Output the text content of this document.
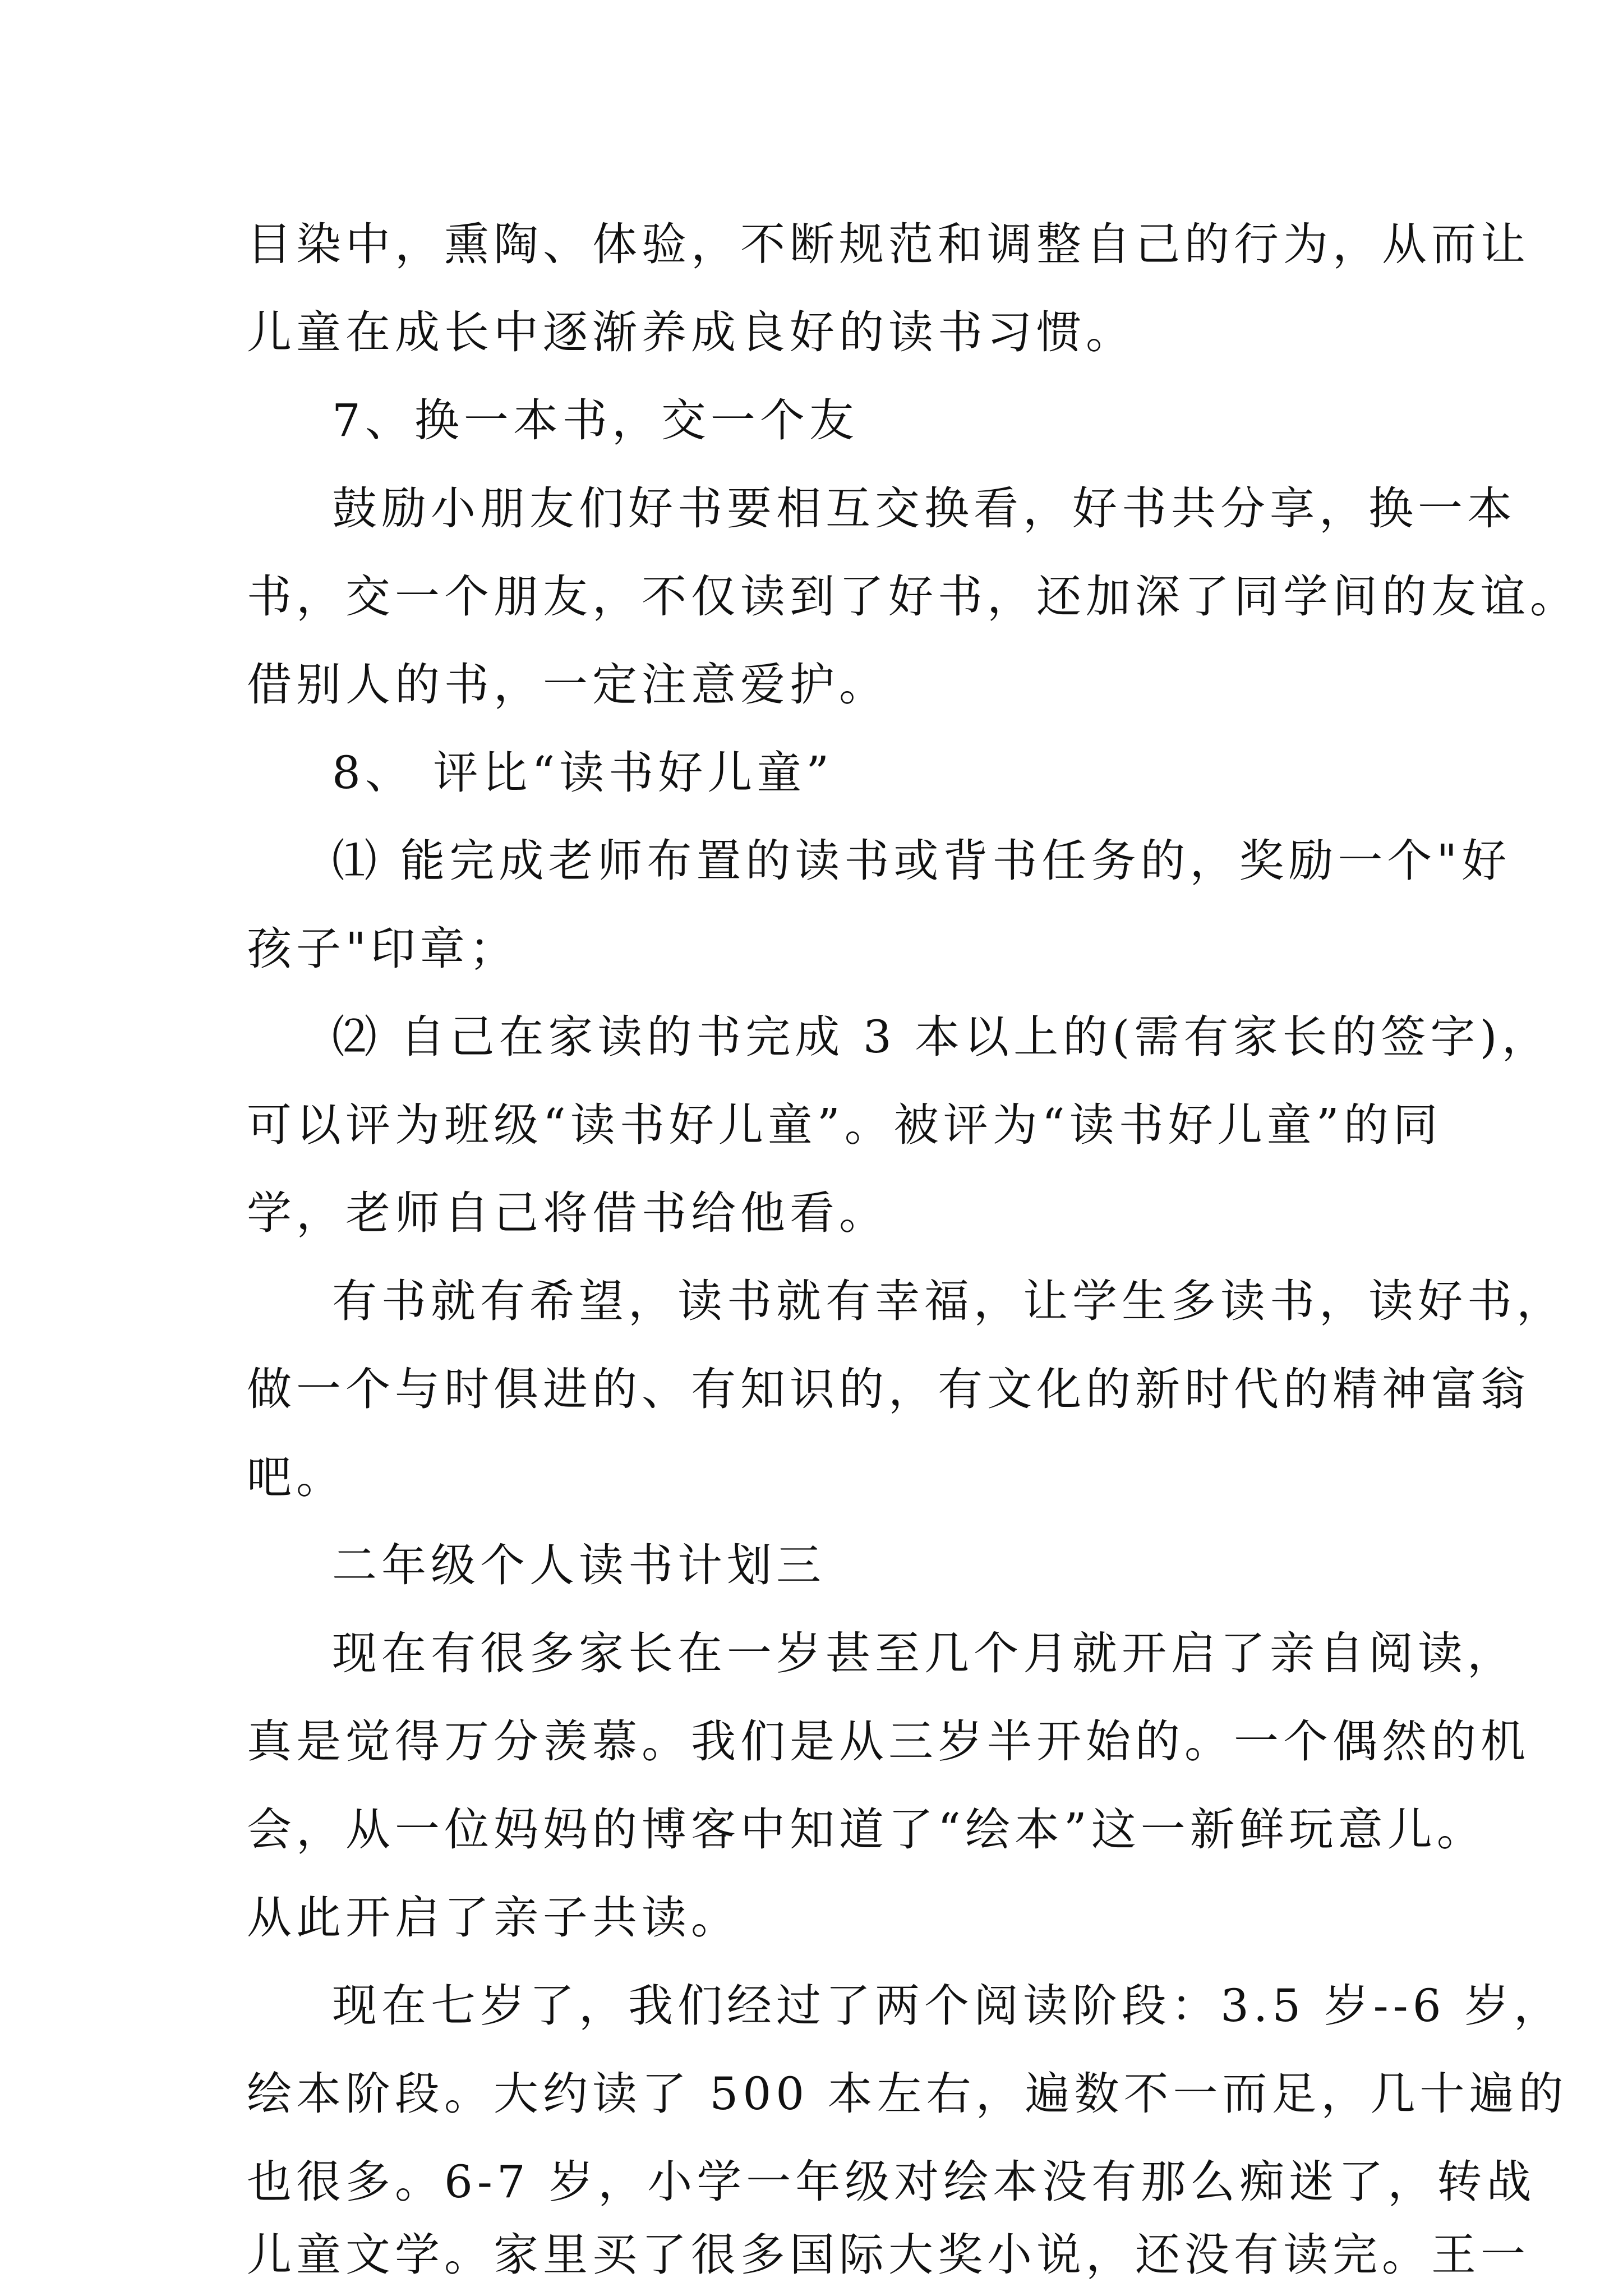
目染中，熏陶、体验，不断规范和调整自己的行为，从而让
儿童在成长中逐渐养成良好的读书习惯。
7、换一本书，交一个友
鼓励小朋友们好书要相互交换看，好书共分享，换一本
书，交一个朋友，不仅读到了好书，还加深了同学间的友谊。
借别人的书，一定注意爱护。
8、 评比“读书好儿童”
⑴ 能完成老师布置的读书或背书任务的，奖励一个"好
孩子"印章；
⑵ 自己在家读的书完成 3 本以上的(需有家长的签字)，
可以评为班级“读书好儿童”。被评为“读书好儿童”的同
学，老师自己将借书给他看。
有书就有希望，读书就有幸福，让学生多读书，读好书，
做一个与时俱进的、有知识的，有文化的新时代的精神富翁
吧。
二年级个人读书计划三
现在有很多家长在一岁甚至几个月就开启了亲自阅读，
真是觉得万分羡慕。我们是从三岁半开始的。一个偶然的机
会，从一位妈妈的博客中知道了“绘本”这一新鲜玩意儿。
从此开启了亲子共读。
现在七岁了，我们经过了两个阅读阶段：3.5 岁--6 岁，
绘本阶段。大约读了 500 本左右，遍数不一而足，几十遍的
也很多。6-7 岁，小学一年级对绘本没有那么痴迷了，转战
儿童文学。家里买了很多国际大奖小说，还没有读完。王一
